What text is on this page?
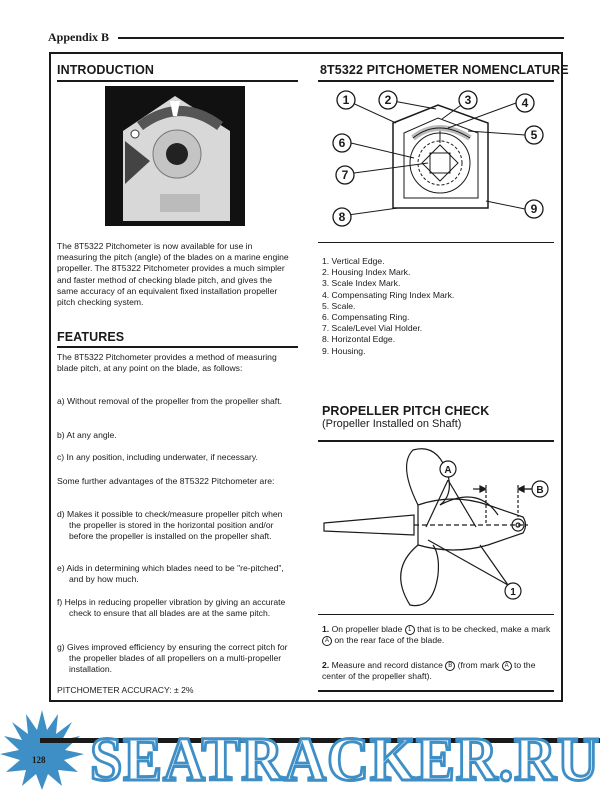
Appendix B
INTRODUCTION
The 8T5322 Pitchometer is now available for use in measuring the pitch (angle) of the blades on a marine engine propeller. The 8T5322 Pitchometer provides a much simpler and faster method of checking blade pitch, and gives the same accuracy of an equivalent fixed installation propeller pitch checking system.
FEATURES
The 8T5322 Pitchometer provides a method of measuring blade pitch, at any point on the blade, as follows:
a) Without removal of the propeller from the propeller shaft.
b) At any angle.
c) In any position, including underwater, if necessary.
Some further advantages of the 8T5322 Pitchometer are:
d) Makes it possible to check/measure propeller pitch when the propeller is stored in the horizontal position and/or before the propeller is installed on the propeller shaft.
e) Aids in determining which blades need to be "re-pitched", and by how much.
f) Helps in reducing propeller vibration by giving an accurate check to ensure that all blades are at the same pitch.
g) Gives improved efficiency by ensuring the correct pitch for the propeller blades of all propellers on a multi-propeller installation.
PITCHOMETER ACCURACY: ± 2%
8T5322 PITCHOMETER NOMENCLATURE
1	2	3	4
5
6
7
8
9

1. Vertical Edge.

2. Housing Index Mark.

3. Scale Index Mark.

4. Compensating Ring Index Mark.

5. Scale.

6. Compensating Ring.

7. Scale/Level Vial Holder.

8. Horizontal Edge.

9. Housing.

PROPELLER PITCH CHECK
(Propeller Installed on Shaft)
A
B
1
1. On propeller blade 1 that is to be checked, make a mark A on the rear face of the blade.
2. Measure and record distance B (from mark A to the center of the propeller shaft).
SEATRACKER.RU
128
